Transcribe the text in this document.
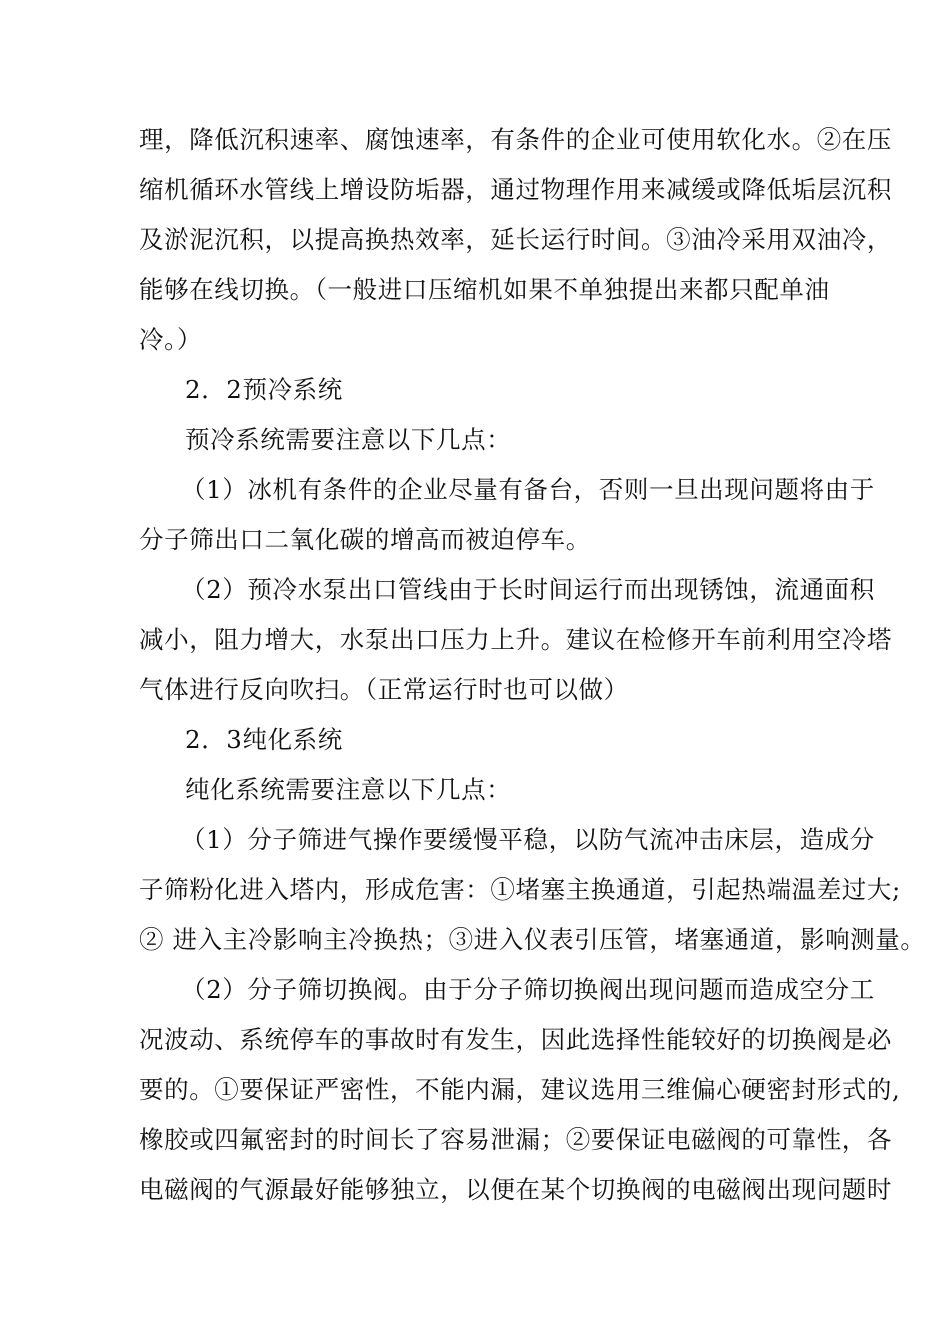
理，降低沉积速率、腐蚀速率，有条件的企业可使用软化水。②在压
缩机循环水管线上增设防垢器，通过物理作用来减缓或降低垢层沉积
及淤泥沉积，以提高换热效率，延长运行时间。③油冷采用双油冷，
能够在线切换。（一般进口压缩机如果不单独提出来都只配单油
冷。）
2．2预冷系统
预冷系统需要注意以下几点：
（1）冰机有条件的企业尽量有备台，否则一旦出现问题将由于
分子筛出口二氧化碳的增高而被迫停车。
（2）预冷水泵出口管线由于长时间运行而出现锈蚀，流通面积
减小，阻力增大，水泵出口压力上升。建议在检修开车前利用空冷塔
气体进行反向吹扫。（正常运行时也可以做）
2．3纯化系统
纯化系统需要注意以下几点：
（1）分子筛进气操作要缓慢平稳，以防气流冲击床层，造成分
子筛粉化进入塔内，形成危害：①堵塞主换通道，引起热端温差过大;
② 进入主冷影响主冷换热；③进入仪表引压管，堵塞通道，影响测量。
（2）分子筛切换阀。由于分子筛切换阀出现问题而造成空分工
况波动、系统停车的事故时有发生，因此选择性能较好的切换阀是必
要的。①要保证严密性，不能内漏，建议选用三维偏心硬密封形式的,
橡胶或四氟密封的时间长了容易泄漏；②要保证电磁阀的可靠性，各
电磁阀的气源最好能够独立，以便在某个切换阀的电磁阀出现问题时
